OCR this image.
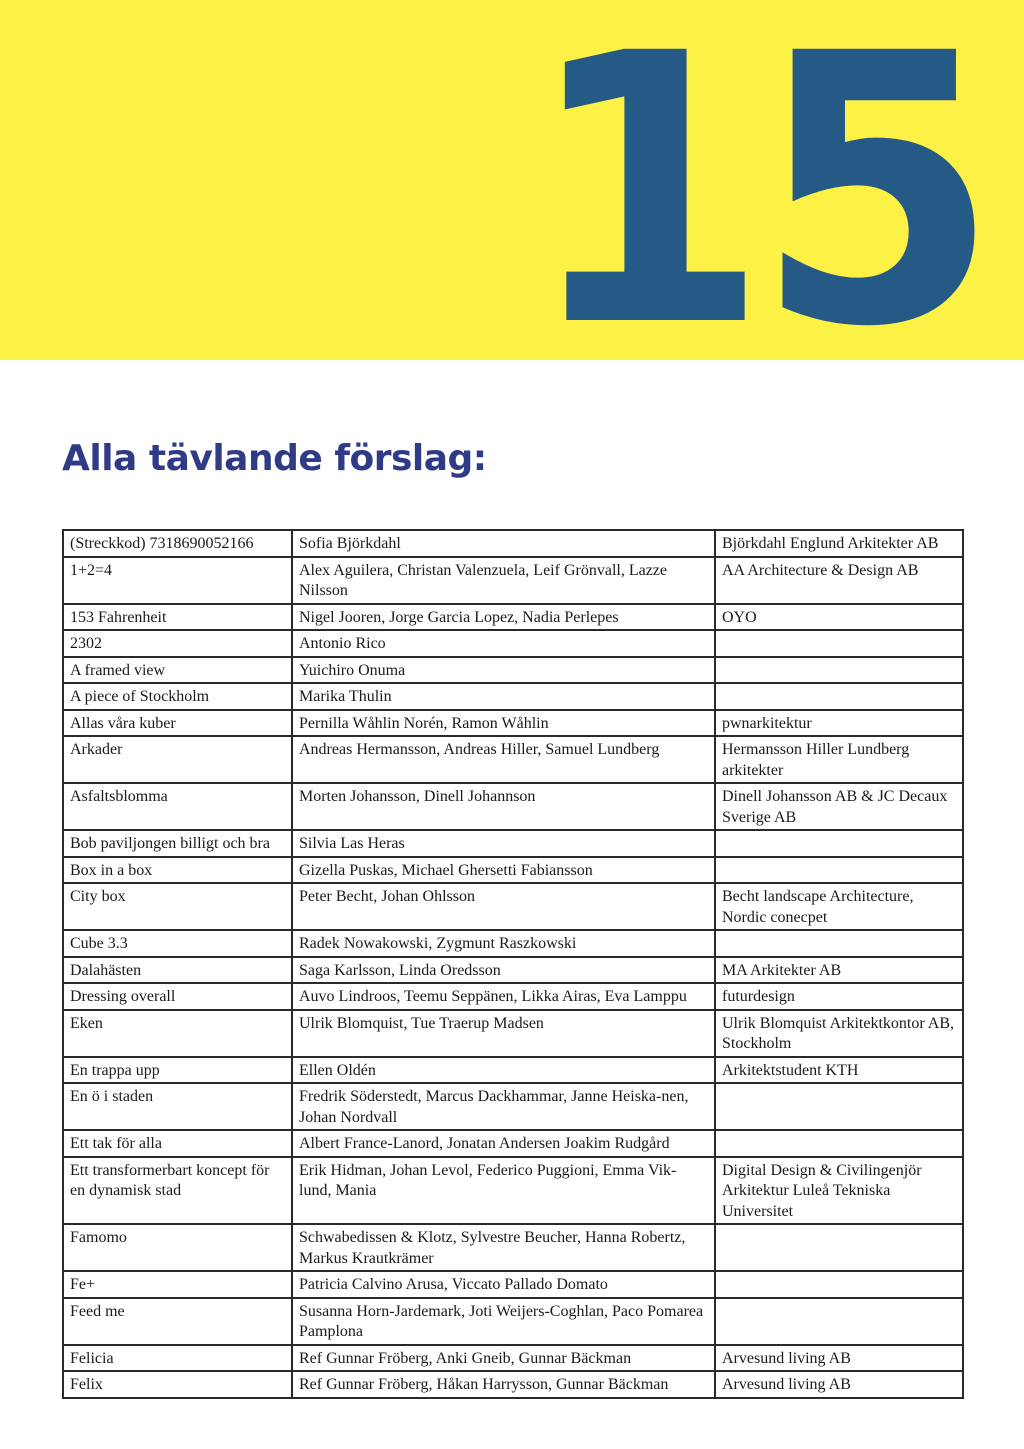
15
Alla tävlande förslag:
(Streckkod) 7318690052166	Sofia Björkdahl	Björkdahl Englund Arkitekter AB
1+2=4	Alex Aguilera, Christan Valenzuela, Leif Grönvall, Lazze Nilsson	AA Architecture & Design AB
153 Fahrenheit	Nigel Jooren, Jorge Garcia Lopez, Nadia Perlepes	OYO
2302	Antonio Rico	
A framed view	Yuichiro Onuma	
A piece of Stockholm	Marika Thulin	
Allas våra kuber	Pernilla Wåhlin Norén, Ramon Wåhlin	pwnarkitektur
Arkader	Andreas Hermansson, Andreas Hiller, Samuel Lundberg	Hermansson Hiller Lundberg arkitekter
Asfaltsblomma	Morten Johansson, Dinell Johannson	Dinell Johansson AB & JC Decaux Sverige AB
Bob paviljongen billigt och bra	Silvia Las Heras	
Box in a box	Gizella Puskas, Michael Ghersetti Fabiansson	
City box	Peter Becht, Johan Ohlsson	Becht landscape Architecture, Nordic conecpet
Cube 3.3	Radek Nowakowski, Zygmunt Raszkowski	
Dalahästen	Saga Karlsson, Linda Oredsson	MA Arkitekter AB
Dressing overall	Auvo Lindroos, Teemu Seppänen, Likka Airas, Eva Lamppu	futurdesign
Eken	Ulrik Blomquist, Tue Traerup Madsen	Ulrik Blomquist Arkitektkontor AB, Stockholm
En trappa upp	Ellen Oldén	Arkitektstudent KTH
En ö i staden	Fredrik Söderstedt, Marcus Dackhammar, Janne Heiska-nen, Johan Nordvall	
Ett tak för alla	Albert France-Lanord, Jonatan Andersen Joakim Rudgård	
Ett transformerbart koncept för en dynamisk stad	Erik Hidman, Johan Levol, Federico Puggioni, Emma Vik-lund, Mania	Digital Design & Civilingenjör Arkitektur Luleå Tekniska Universitet
Famomo	Schwabedissen & Klotz, Sylvestre Beucher, Hanna Robertz, Markus Krautkrämer	
Fe+	Patricia Calvino Arusa, Viccato Pallado Domato	
Feed me	Susanna Horn-Jardemark, Joti Weijers-Coghlan, Paco Pomarea Pamplona	
Felicia	Ref Gunnar Fröberg, Anki Gneib, Gunnar Bäckman	Arvesund living AB
Felix	Ref Gunnar Fröberg, Håkan Harrysson, Gunnar Bäckman	Arvesund living AB
